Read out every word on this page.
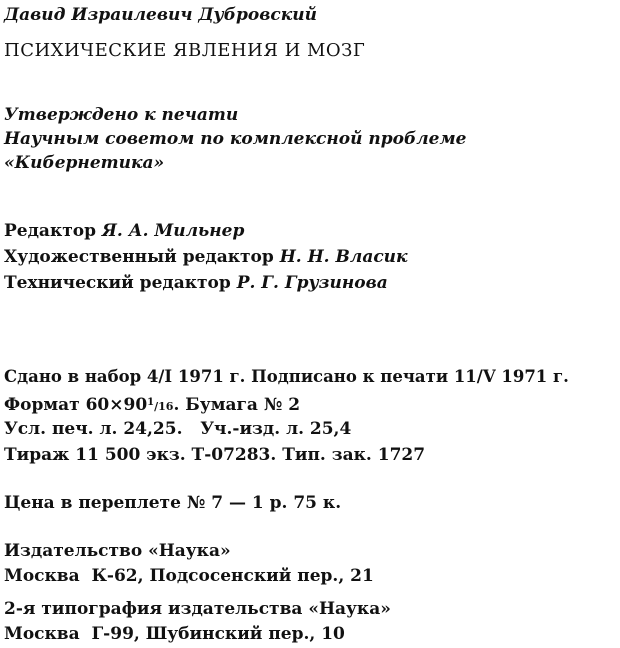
Давид Израилевич Дубровский
ПСИХИЧЕСКИЕ ЯВЛЕНИЯ И МОЗГ
Утверждено к печати
Научным советом по комплексной проблеме
«Кибернетика»
Редактор Я. А. Мильнер
Художественный редактор Н. Н. Власик
Технический редактор Р. Г. Грузинова
Сдано в набор 4/I 1971 г. Подписано к печати 11/V 1971 г.
Формат $60\times 90^1/16$. Бумага № 2
Усл. печ. л. 24,25.   Уч.-изд. л. 25,4
Тираж 11 500 экз. Т-07283. Тип. зак. 1727
Цена в переплете № 7 — 1 р. 75 к.
Издательство «Наука»
Москва  К-62, Подсосенский пер., 21
2-я типография издательства «Наука»
Москва  Г-99, Шубинский пер., 10
